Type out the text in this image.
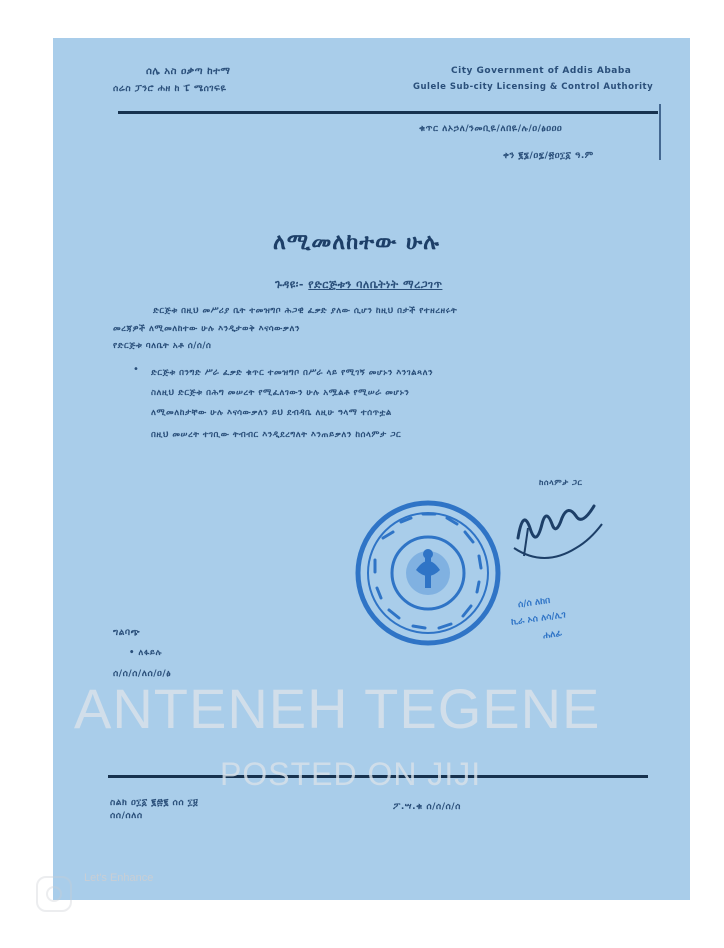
ሰሌ አስ ዐቃጣ ከተማ
ሰሬስ ፓንሮ ሐዘ ከ ፔ ሜሰገፍዬ
City Government of Addis Ababa
Gulele Sub-city Licensing & Control Authority
ቁጥር ለኦኃለ/ንመቢዬ/ለበዬ/ሉ/ዐ/ፅዐዐዐ
ቀን ፪፮/ዐ፯/፳ዐ፲፩ ዓ.ም
ለሚመለከተው ሁሉ
ጉዳዩ፡- የድርጅቱን ባለቤትነት ማረጋገጥ
ድርጅቱ በዚህ መሥሪያ ቤት ተመዝግቦ ሕጋዊ ፈቃድ ያለው ሲሆን ከዚህ በታች የተዘረዘሩት
መረጃዎች ለሚመለከተው ሁሉ እንዲታወቅ እናሳውቃለን
የድርጅቱ ባለቤት አቶ ሰ/ሰ/ሰ
• ድርጅቱ በንግድ ሥራ ፈቃድ ቁጥር ተመዝግቦ በሥራ ላይ የሚገኝ መሆኑን እንገልጻለን
ስለዚህ ድርጅቱ በሕግ መሠረት የሚፈለገውን ሁሉ አሟልቶ የሚሠራ መሆኑን
ለሚመለከታቸው ሁሉ እናሳውቃለን ይህ ደብዳቤ ለዚሁ ዓላማ ተሰጥቷል
በዚህ መሠረት ተገቢው ትብብር እንዲደረግለት እንጠይቃለን ከሰላምታ ጋር
ከሰላምታ ጋር
ሰ/ሰ ለከበ
ኪራ ኦሰ ለሳ/ሊገ
ሐለፊ
ግልባጭ
• ለፋይሉ
ሰ/ሰ/ሰ/ለሰ/ዐ/ፅ
ስልክ ዐ፲፩ ፪፷፪ ሰሰ ፲፱
ሰሰ/ሰለሰ
ፖ.ሣ.ቁ ሰ/ሰ/ሰ/ሰ
ANTENEH TEGENE
POSTED ON JIJI
Let's Enhance
